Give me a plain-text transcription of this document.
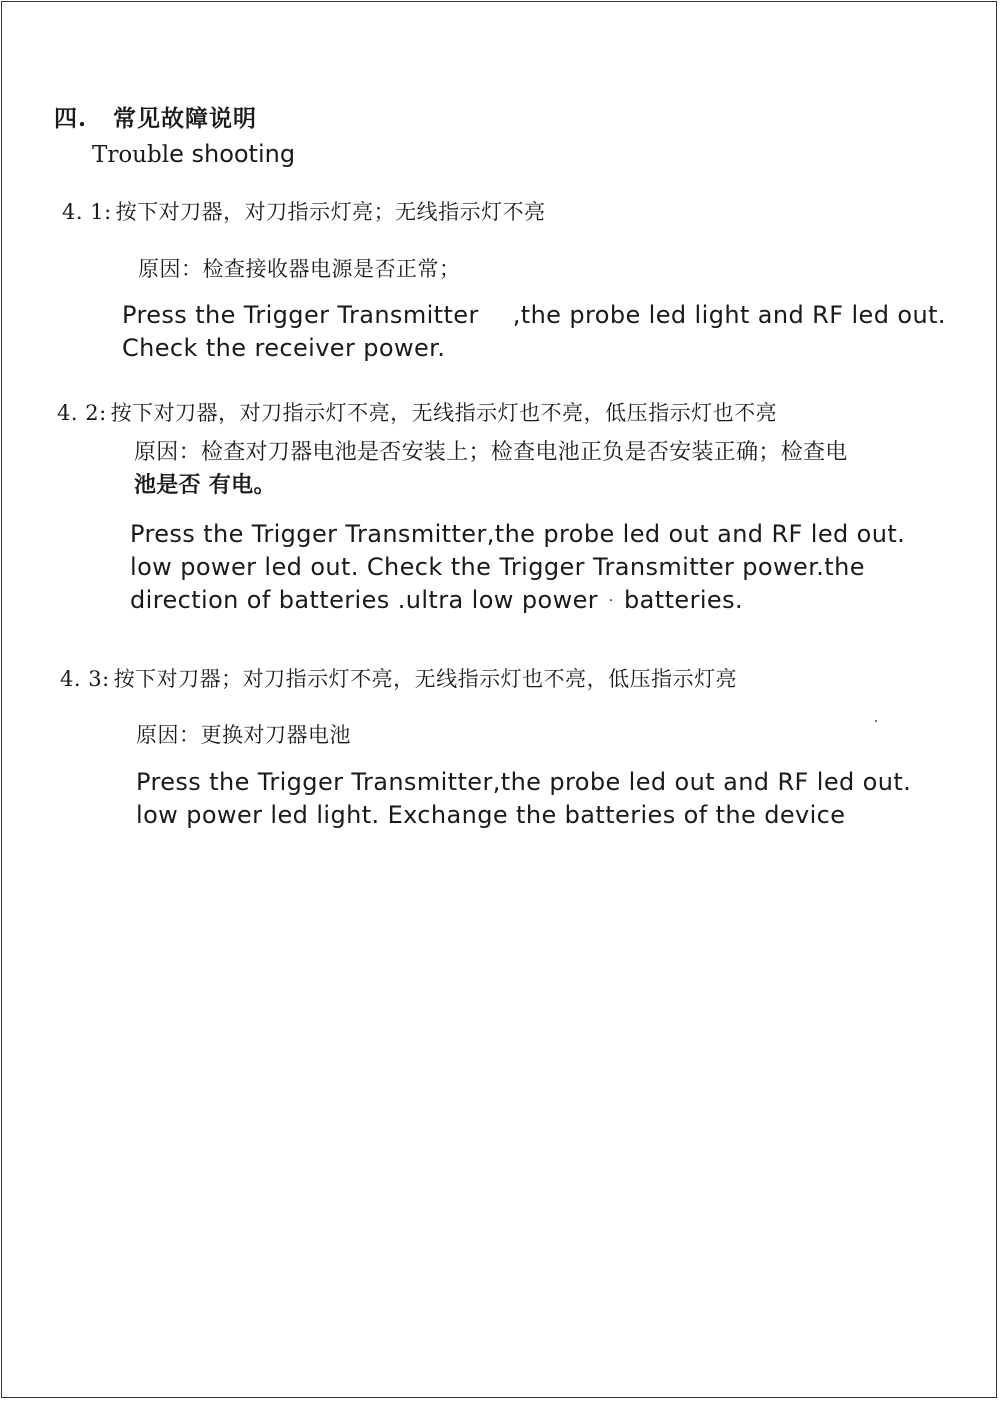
四. 常见故障说明
Trouble shooting
4. 1: 按下对刀器，对刀指示灯亮；无线指示灯不亮
原因：检查接收器电源是否正常；
Press the Trigger Transmitter ,the probe led light and RF led out.
Check the receiver power.
4. 2: 按下对刀器，对刀指示灯不亮，无线指示灯也不亮，低压指示灯也不亮
原因：检查对刀器电池是否安装上；检查电池正负是否安装正确；检查电
池是否 有电。
Press the Trigger Transmitter,the probe led out and RF led out.
low power led out. Check the Trigger Transmitter power.the
direction of batteries .ultra low power · batteries.
4. 3: 按下对刀器；对刀指示灯不亮，无线指示灯也不亮，低压指示灯亮
原因：更换对刀器电池
Press the Trigger Transmitter,the probe led out and RF led out.
low power led light. Exchange the batteries of the device
